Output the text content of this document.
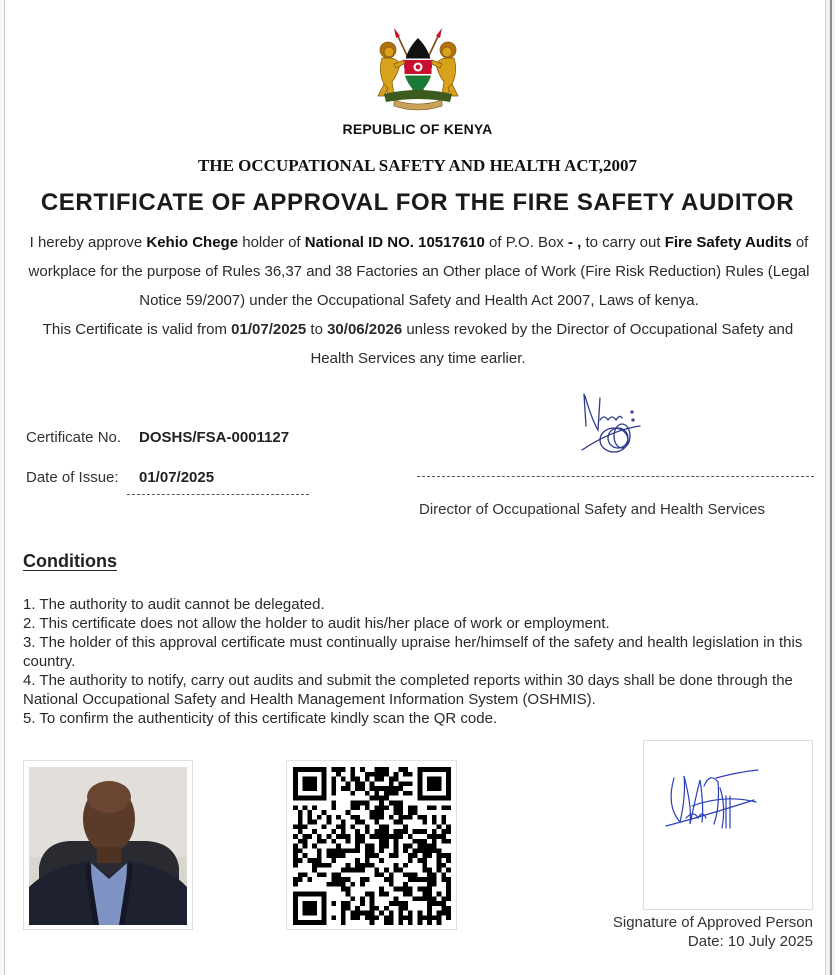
REPUBLIC OF KENYA
THE OCCUPATIONAL SAFETY AND HEALTH ACT,2007
CERTIFICATE OF APPROVAL FOR THE FIRE SAFETY AUDITOR
I hereby approve Kehio Chege holder of National ID NO. 10517610 of P.O. Box - , to carry out Fire Safety Audits of workplace for the purpose of Rules 36,37 and 38 Factories an Other place of Work (Fire Risk Reduction) Rules (Legal Notice 59/2007) under the Occupational Safety and Health Act 2007, Laws of kenya.
This Certificate is valid from 01/07/2025 to 30/06/2026 unless revoked by the Director of Occupational Safety and Health Services any time earlier.
Certificate No. DOSHS/FSA-0001127
Date of Issue: 01/07/2025
Director of Occupational Safety and Health Services
Conditions
1. The authority to audit cannot be delegated.
2. This certificate does not allow the holder to audit his/her place of work or employment.
3. The holder of this approval certificate must continually upraise her/himself of the safety and health legislation in this country.
4. The authority to notify, carry out audits and submit the completed reports within 30 days shall be done through the National Occupational Safety and Health Management Information System (OSHMIS).
5. To confirm the authenticity of this certificate kindly scan the QR code.
Signature of Approved Person
Date: 10 July 2025
